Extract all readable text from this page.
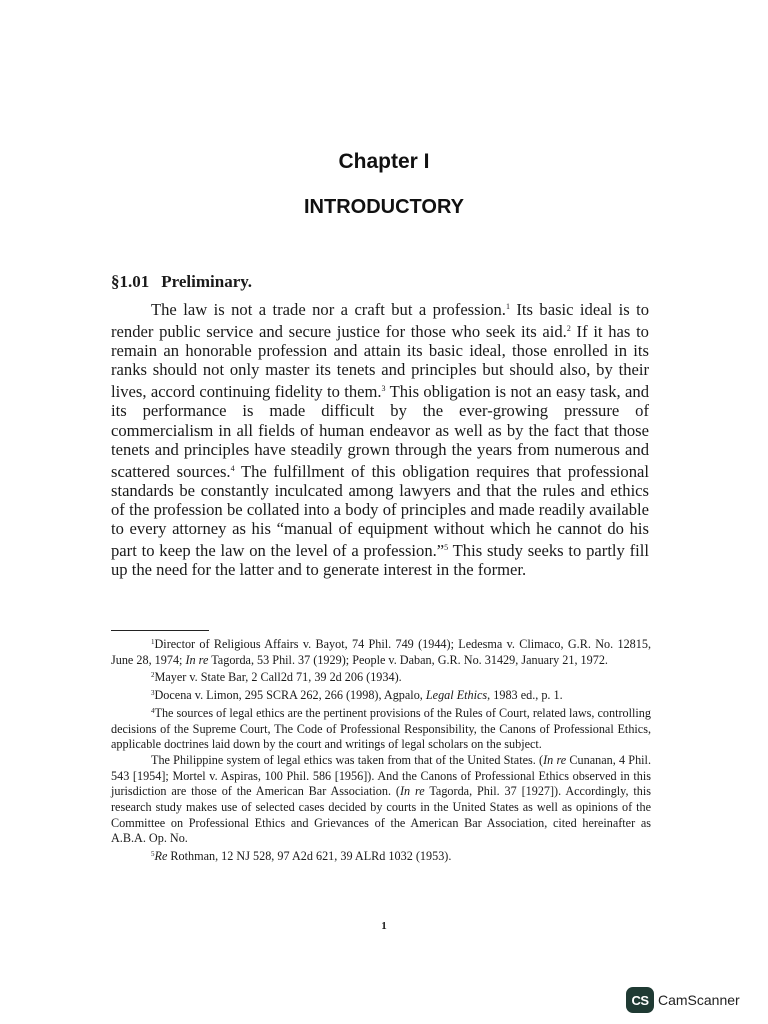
Chapter I
INTRODUCTORY
§1.01 Preliminary.
The law is not a trade nor a craft but a profession.$^1$ Its basic ideal is to render public service and secure justice for those who seek its aid.$^2$ If it has to remain an honorable profession and attain its basic ideal, those enrolled in its ranks should not only master its tenets and principles but should also, by their lives, accord continuing fidelity to them.$^3$ This obligation is not an easy task, and its performance is made difficult by the ever-growing pressure of commercialism in all fields of human endeavor as well as by the fact that those tenets and principles have steadily grown through the years from numerous and scattered sources.$^4$ The fulfillment of this obligation requires that professional standards be constantly inculcated among lawyers and that the rules and ethics of the profession be collated into a body of principles and made readily available to every attorney as his “manual of equipment without which he cannot do his part to keep the law on the level of a profession.”$^5$ This study seeks to partly fill up the need for the latter and to generate interest in the former.

$^1$Director of Religious Affairs v. Bayot, 74 Phil. 749 (1944); Ledesma v. Climaco, G.R. No. 12815, June 28, 1974; In re Tagorda, 53 Phil. 37 (1929); People v. Daban, G.R. No. 31429, January 21, 1972.

$^2$Mayer v. State Bar, 2 Call2d 71, 39 2d 206 (1934).

$^3$Docena v. Limon, 295 SCRA 262, 266 (1998), Agpalo, Legal Ethics, 1983 ed., p. 1.

$^4$The sources of legal ethics are the pertinent provisions of the Rules of Court, related laws, controlling decisions of the Supreme Court, The Code of Professional Responsibility, the Canons of Professional Ethics, applicable doctrines laid down by the court and writings of legal scholars on the subject.

The Philippine system of legal ethics was taken from that of the United States. (In re Cunanan, 4 Phil. 543 [1954]; Mortel v. Aspiras, 100 Phil. 586 [1956]). And the Canons of Professional Ethics observed in this jurisdiction are those of the American Bar Association. (In re Tagorda, Phil. 37 [1927]). Accordingly, this research study makes use of selected cases decided by courts in the United States as well as opinions of the Committee on Professional Ethics and Grievances of the American Bar Association, cited hereinafter as A.B.A. Op. No.

$^5$Re Rothman, 12 NJ 528, 97 A2d 621, 39 ALRd 1032 (1953).

1
CS CamScanner
